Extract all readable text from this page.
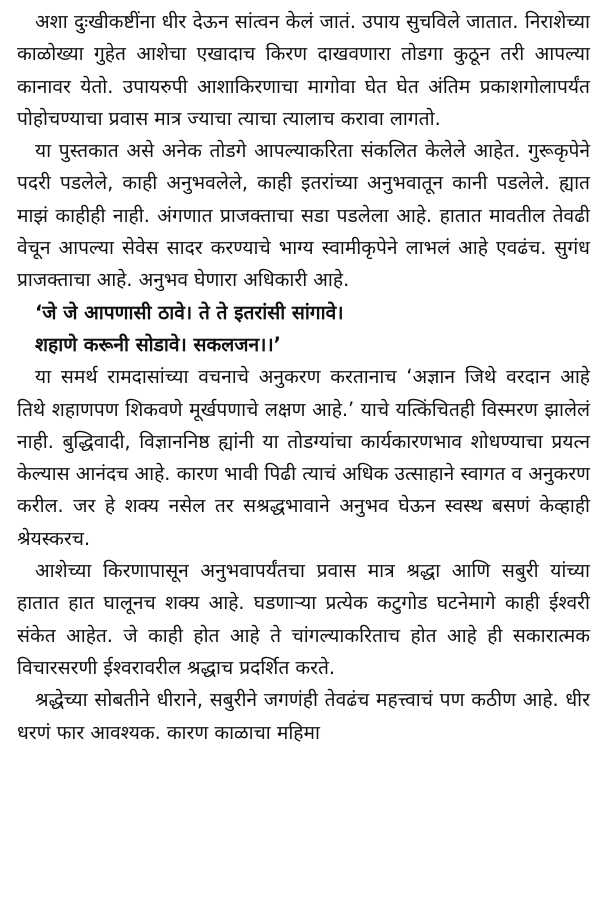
अशा दुःखीकष्टींना धीर देऊन सांत्वन केलं जातं. उपाय सुचविले जातात. निराशेच्या काळोख्या गुहेत आशेचा एखादाच किरण दाखवणारा तोडगा कुठून तरी आपल्या कानावर येतो. उपायरुपी आशाकिरणाचा मागोवा घेत घेत अंतिम प्रकाशगोलापर्यंत पोहोचण्याचा प्रवास मात्र ज्याचा त्याचा त्यालाच करावा लागतो.

या पुस्तकात असे अनेक तोडगे आपल्याकरिता संकलित केलेले आहेत. गुरूकृपेने पदरी पडलेले, काही अनुभवलेले, काही इतरांच्या अनुभवातून कानी पडलेले. ह्यात माझं काहीही नाही. अंगणात प्राजक्ताचा सडा पडलेला आहे. हातात मावतील तेवढी वेचून आपल्या सेवेस सादर करण्याचे भाग्य स्वामीकृपेने लाभलं आहे एवढंच. सुगंध प्राजक्ताचा आहे. अनुभव घेणारा अधिकारी आहे.

‘जे जे आपणासी ठावे। ते ते इतरांसी सांगावे।
शहाणे करूनी सोडावे। सकलजन।।’

या समर्थ रामदासांच्या वचनाचे अनुकरण करतानाच ‘अज्ञान जिथे वरदान आहे तिथे शहाणपण शिकवणे मूर्खपणाचे लक्षण आहे.’ याचे यत्किंचितही विस्मरण झालेलं नाही. बुद्धिवादी, विज्ञाननिष्ठ ह्यांनी या तोडग्यांचा कार्यकारणभाव शोधण्याचा प्रयत्न केल्यास आनंदच आहे. कारण भावी पिढी त्याचं अधिक उत्साहाने स्वागत व अनुकरण करील. जर हे शक्य नसेल तर सश्रद्धभावाने अनुभव घेऊन स्वस्थ बसणं केव्हाही श्रेयस्करच.

आशेच्या किरणापासून अनुभवापर्यंतचा प्रवास मात्र श्रद्धा आणि सबुरी यांच्या हातात हात घालूनच शक्य आहे. घडणाऱ्या प्रत्येक कटुगोड घटनेमागे काही ईश्वरी संकेत आहेत. जे काही होत आहे ते चांगल्याकरिताच होत आहे ही सकारात्मक विचारसरणी ईश्वरावरील श्रद्धाच प्रदर्शित करते.

श्रद्धेच्या सोबतीने धीराने, सबुरीने जगणंही तेवढंच महत्त्वाचं पण कठीण आहे. धीर धरणं फार आवश्यक. कारण काळाचा महिमा
